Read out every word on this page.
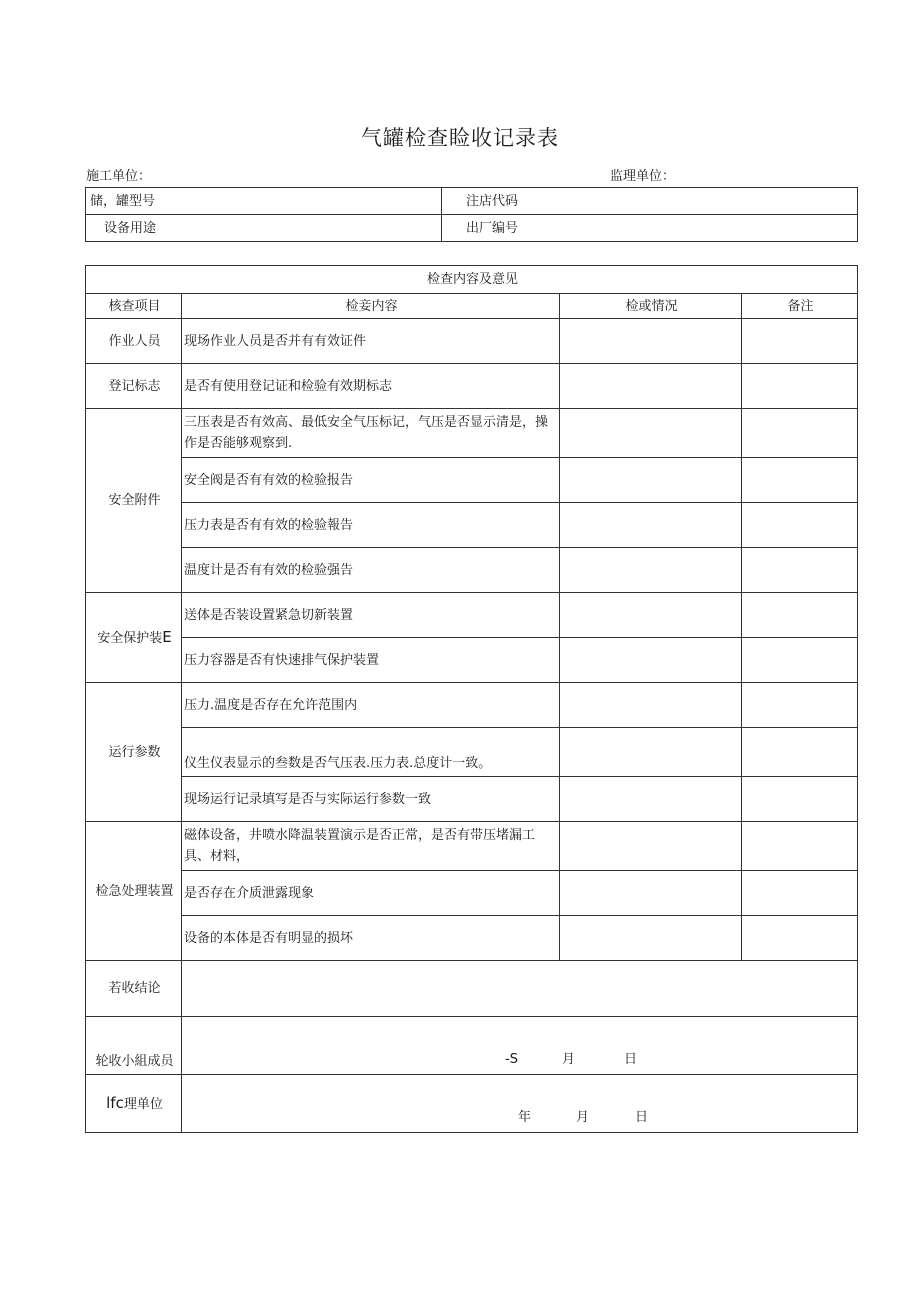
气罐检查睑收记录表
施工单位：	监理单位：
储，罐型号	注店代码
设备用途	出厂编号
检查内容及意见			
核查项目	检妾内容	检或情况	备注
作业人员	现场作业人员是否并有有效证件		
登记标志	是否有使用登记证和检验有效期标志		
安全附件	三压表是否有效高、最低安全气压标记，气压是否显示清是，操作是否能够观察到.		
	安全阀是否有有效的检验报告		
	压力表是否有有效的检验報告		
	温度计是否有有效的检验强告		
安全保护装E	送体是否装设置紧急切新装置		
	压力容器是否有快速排气保护装置		
运行参数	压力.温度是否存在允许范围内		
	仪生仪表显示的叁数是否气压表.压力表.总度计一致。		
	现场运行记录填写是否与实际运行参数一致		
检急处理装置	磁体设备，井喷水降温装置演示是否正常，是否有带压堵漏工具、材料，		
	是否存在介质泄露现象		
	设备的本体是否有明显的损坏		
若收结论			
轮收小組成员	-S 月 日		

lfc理单位	年 月 日		
